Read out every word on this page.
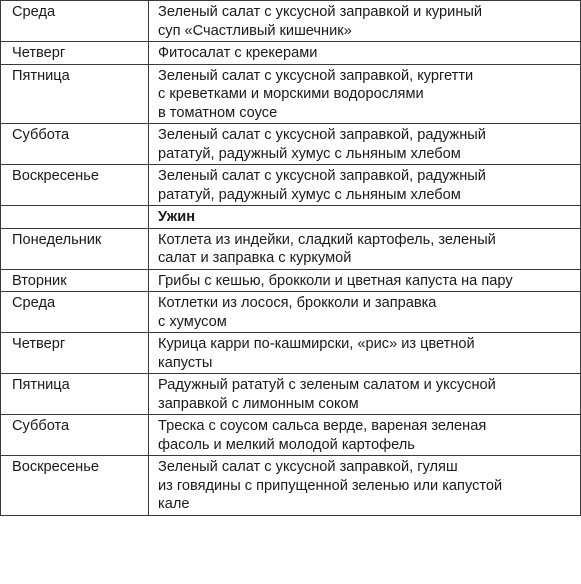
Среда	Зеленый салат с уксусной заправкой и куриный
суп «Счастливый кишечник»

Четверг	Фитосалат с крекерами

Пятница	Зеленый салат с уксусной заправкой, кургетти
с креветками и морскими водорослями
в томатном соусе

Суббота	Зеленый салат с уксусной заправкой, радужный
рататуй, радужный хумус с льняным хлебом

Воскресенье	Зеленый салат с уксусной заправкой, радужный
рататуй, радужный хумус с льняным хлебом

	Ужин
Понедельник	Котлета из индейки, сладкий картофель, зеленый
салат и заправка с куркумой

Вторник	Грибы с кешью, брокколи и цветная капуста на пару

Среда	Котлетки из лосося, брокколи и заправка
с хумусом

Четверг	Курица карри по-кашмирски, «рис» из цветной
капусты

Пятница	Радужный рататуй с зеленым салатом и уксусной
заправкой с лимонным соком

Суббота	Треска с соусом сальса верде, вареная зеленая
фасоль и мелкий молодой картофель

Воскресенье	Зеленый салат с уксусной заправкой, гуляш
из говядины с припущенной зеленью или капустой
кале
